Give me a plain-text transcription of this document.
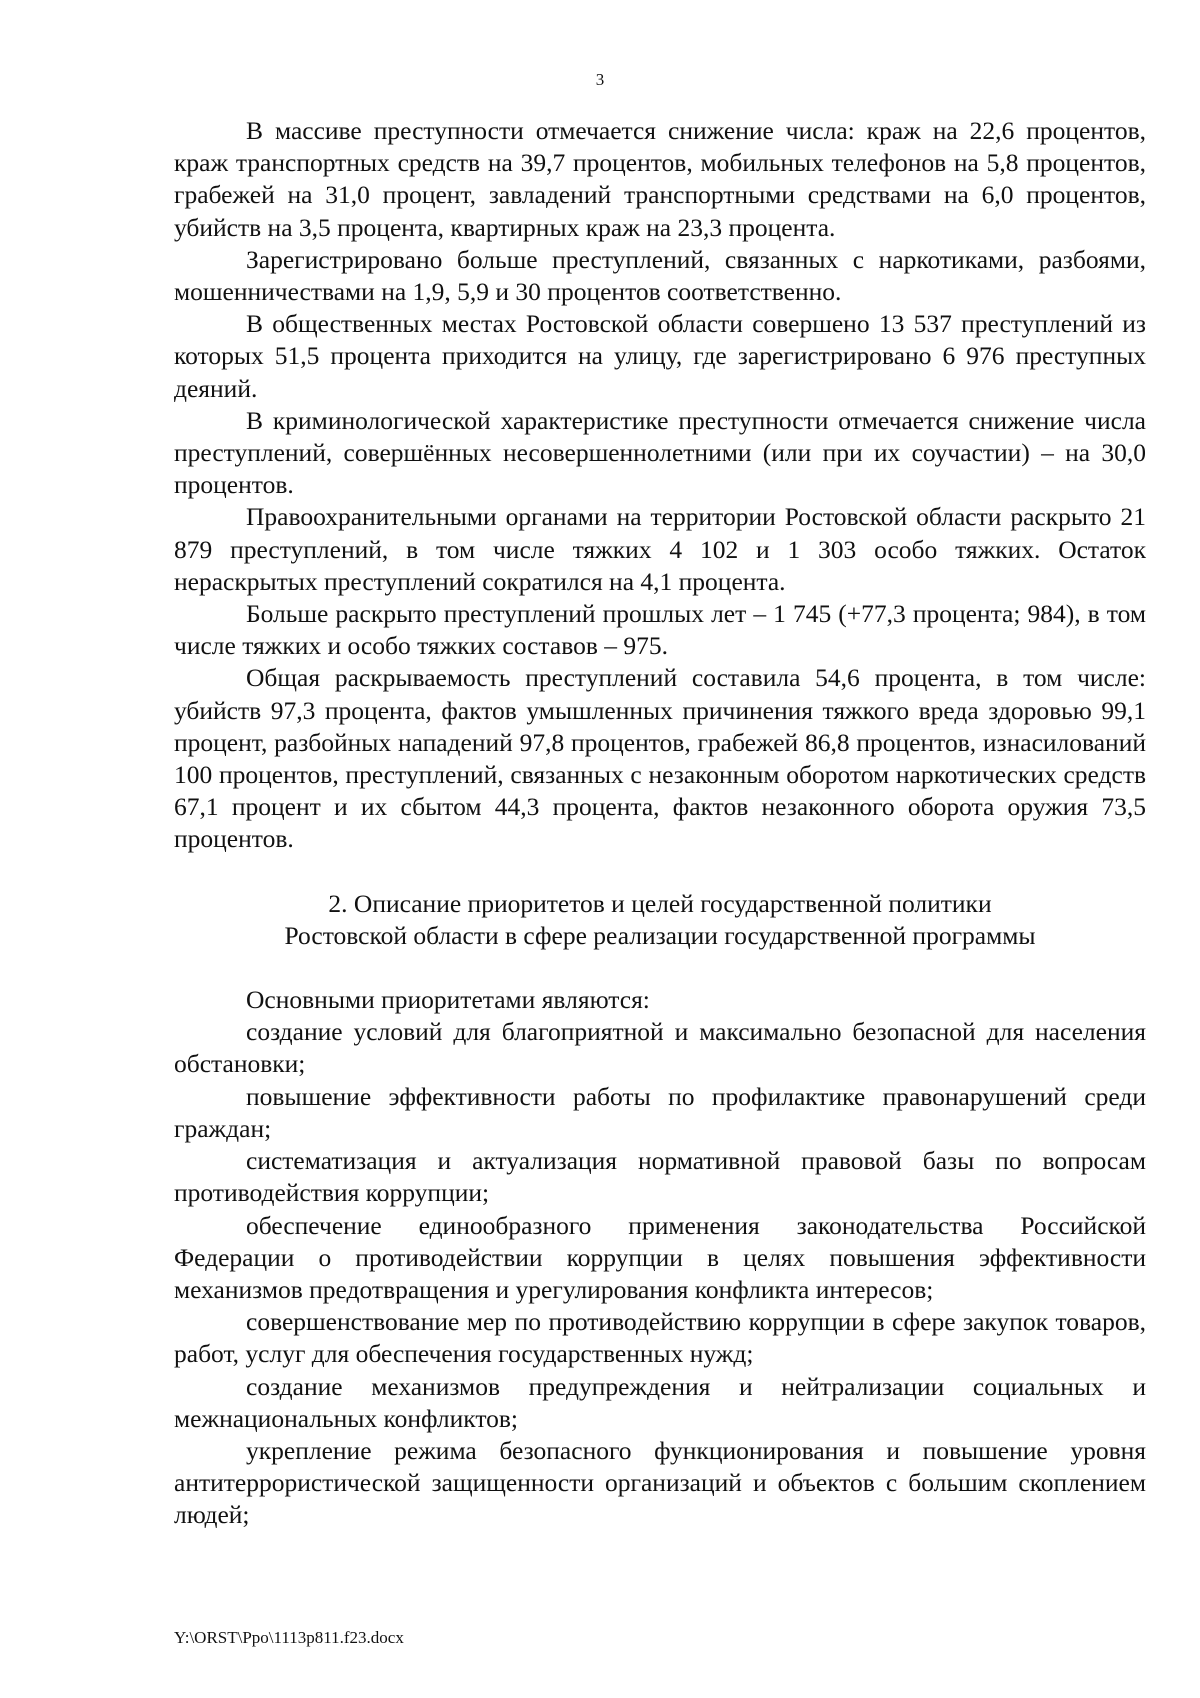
3

В массиве преступности отмечается снижение числа: краж на 22,6 процентов, краж транспортных средств на 39,7 процентов, мобильных телефонов на 5,8 процентов, грабежей на 31,0 процент, завладений транспортными средствами на 6,0 процентов, убийств на 3,5 процента, квартирных краж на 23,3 процента.

Зарегистрировано больше преступлений, связанных с наркотиками, разбоями, мошенничествами на 1,9, 5,9 и 30 процентов соответственно.

В общественных местах Ростовской области совершено 13 537 преступлений из которых 51,5 процента приходится на улицу, где зарегистрировано 6 976 преступных деяний.

В криминологической характеристике преступности отмечается снижение числа преступлений, совершённых несовершеннолетними (или при их соучастии) – на 30,0 процентов.

Правоохранительными органами на территории Ростовской области раскрыто 21 879 преступлений, в том числе тяжких 4 102 и 1 303 особо тяжких. Остаток нераскрытых преступлений сократился на 4,1 процента.

Больше раскрыто преступлений прошлых лет – 1 745 (+77,3 процента; 984), в том числе тяжких и особо тяжких составов – 975.

Общая раскрываемость преступлений составила 54,6 процента, в том числе: убийств 97,3 процента, фактов умышленных причинения тяжкого вреда здоровью 99,1 процент, разбойных нападений 97,8 процентов, грабежей 86,8 процентов, изнасилований 100 процентов, преступлений, связанных с незаконным оборотом наркотических средств 67,1 процент и их сбытом 44,3 процента, фактов незаконного оборота оружия 73,5 процентов.

2. Описание приоритетов и целей государственной политики
Ростовской области в сфере реализации государственной программы

Основными приоритетами являются:

создание условий для благоприятной и максимально безопасной для населения обстановки;

повышение эффективности работы по профилактике правонарушений среди граждан;

систематизация и актуализация нормативной правовой базы по вопросам противодействия коррупции;

обеспечение единообразного применения законодательства Российской Федерации о противодействии коррупции в целях повышения эффективности механизмов предотвращения и урегулирования конфликта интересов;

совершенствование мер по противодействию коррупции в сфере закупок товаров, работ, услуг для обеспечения государственных нужд;

создание механизмов предупреждения и нейтрализации социальных и межнациональных конфликтов;

укрепление режима безопасного функционирования и повышение уровня антитеррористической защищенности организаций и объектов с большим скоплением людей;

Y:\ORST\Ppo\1113p811.f23.docx
